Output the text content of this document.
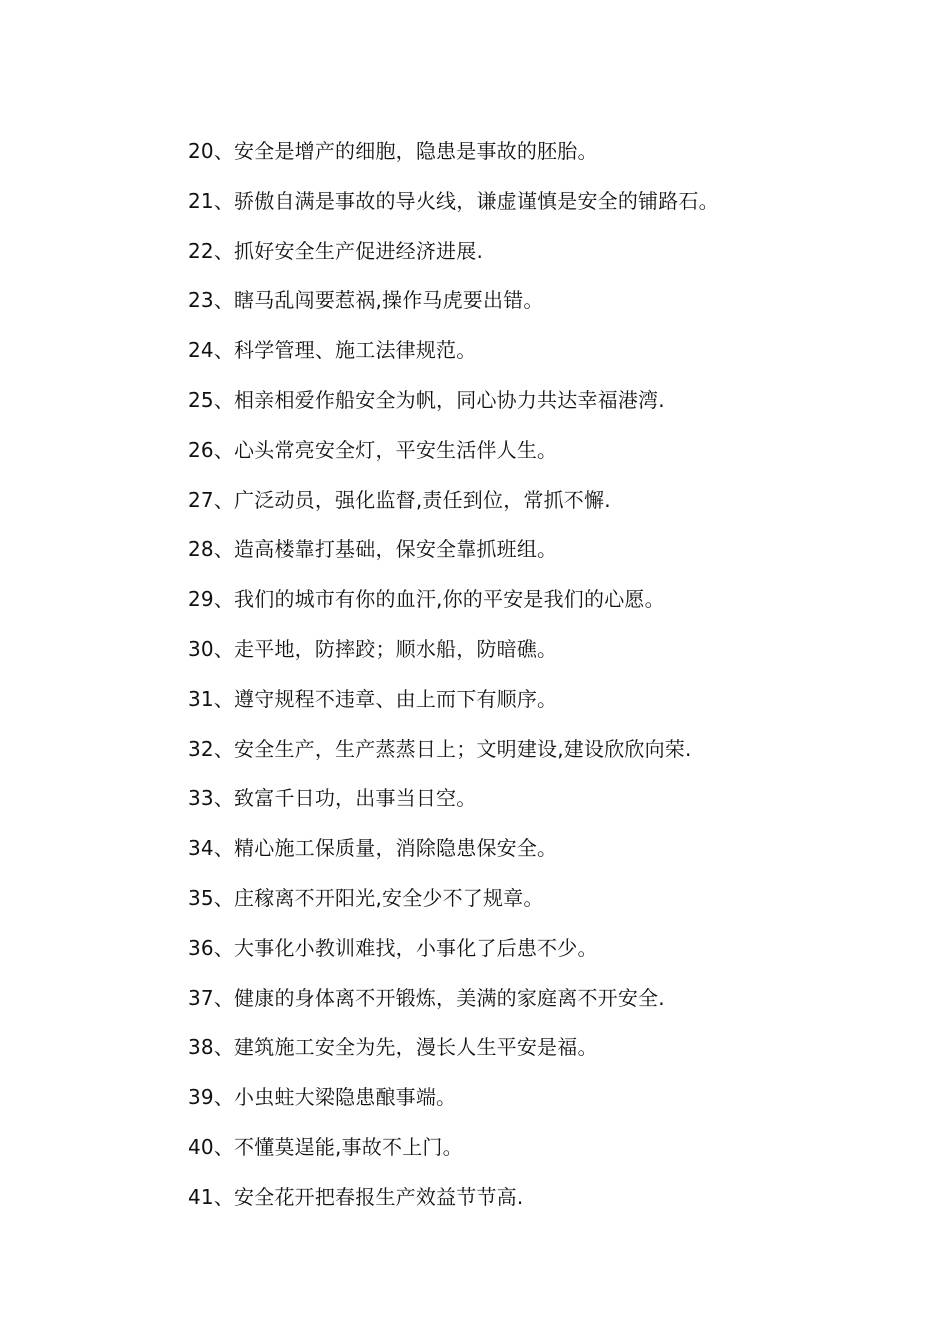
20、安全是增产的细胞，隐患是事故的胚胎。
21、骄傲自满是事故的导火线，谦虚谨慎是安全的铺路石。
22、抓好安全生产促进经济进展.
23、瞎马乱闯要惹祸,操作马虎要出错。
24、科学管理、施工法律规范。
25、相亲相爱作船安全为帆，同心协力共达幸福港湾.
26、心头常亮安全灯，平安生活伴人生。
27、广泛动员，强化监督,责任到位，常抓不懈.
28、造高楼靠打基础，保安全靠抓班组。
29、我们的城市有你的血汗,你的平安是我们的心愿。
30、走平地，防摔跤；顺水船，防暗礁。
31、遵守规程不违章、由上而下有顺序。
32、安全生产，生产蒸蒸日上；文明建设,建设欣欣向荣.
33、致富千日功，出事当日空。
34、精心施工保质量，消除隐患保安全。
35、庄稼离不开阳光,安全少不了规章。
36、大事化小教训难找，小事化了后患不少。
37、健康的身体离不开锻炼，美满的家庭离不开安全.
38、建筑施工安全为先，漫长人生平安是福。
39、小虫蛀大梁隐患酿事端。
40、不懂莫逞能,事故不上门。
41、安全花开把春报生产效益节节高.
